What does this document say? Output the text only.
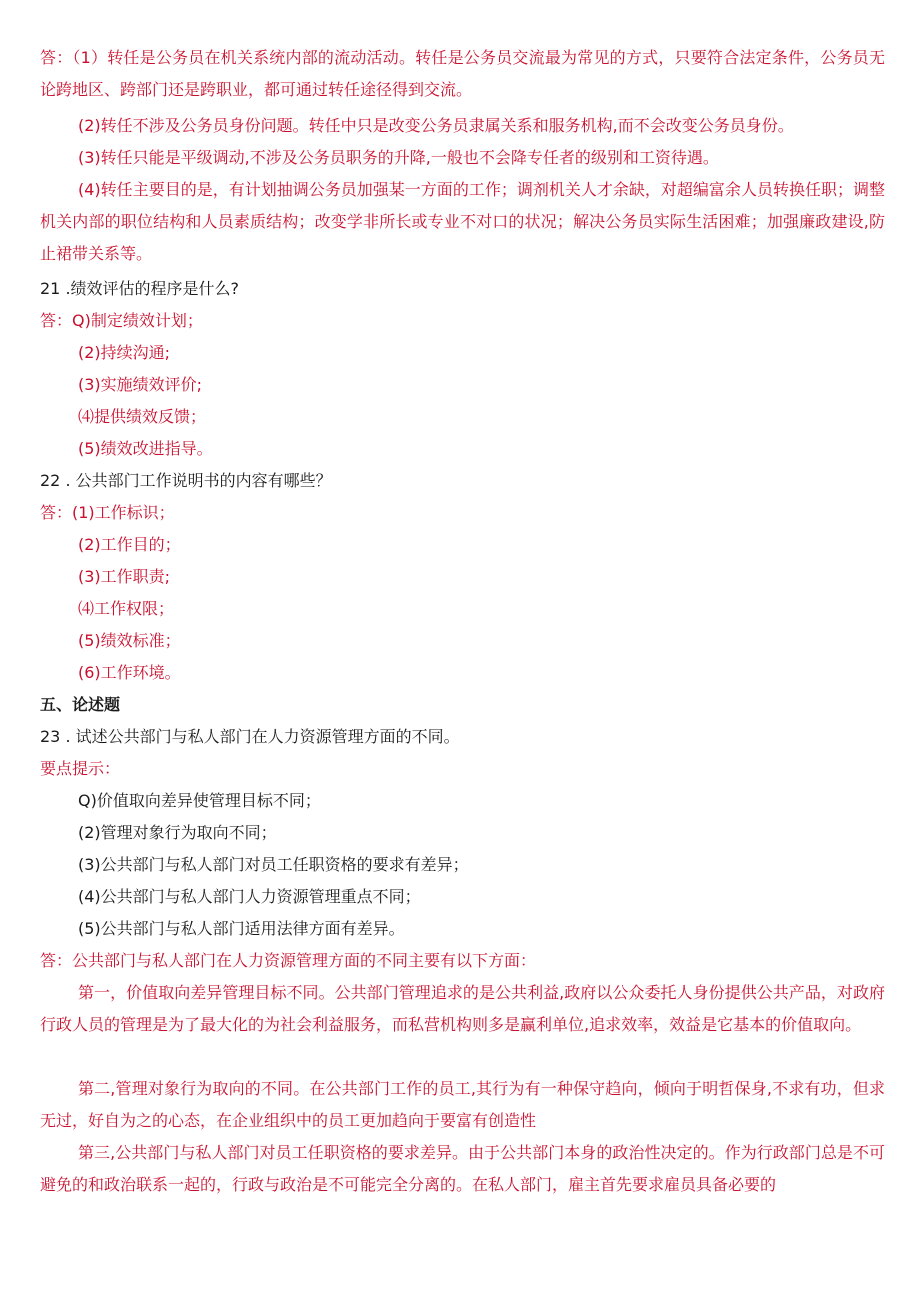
答：（1）转任是公务员在机关系统内部的流动活动。转任是公务员交流最为常见的方式，只要符合法定条件，公务员无论跨地区、跨部门还是跨职业，都可通过转任途径得到交流。

(2)转任不涉及公务员身份问题。转任中只是改变公务员隶属关系和服务机构,而不会改变公务员身份。

(3)转任只能是平级调动,不涉及公务员职务的升降,一般也不会降专任者的级别和工资待遇。

(4)转任主要目的是，有计划抽调公务员加强某一方面的工作；调剂机关人才余缺，对超编富余人员转换任职；调整机关内部的职位结构和人员素质结构；改变学非所长或专业不对口的状况；解决公务员实际生活困难；加强廉政建设,防止裙带关系等。

21 .绩效评估的程序是什么?

答：Q)制定绩效计划；

(2)持续沟通;

(3)实施绩效评价;

⑷提供绩效反馈；

(5)绩效改进指导。

22 . 公共部门工作说明书的内容有哪些？

答：(1)工作标识；

(2)工作目的；

(3)工作职责;

⑷工作权限；

(5)绩效标准；

(6)工作环境。

五、论述题

23 . 试述公共部门与私人部门在人力资源管理方面的不同。

要点提示：

Q)价值取向差异使管理目标不同；

(2)管理对象行为取向不同；

(3)公共部门与私人部门对员工任职资格的要求有差异；

(4)公共部门与私人部门人力资源管理重点不同；

(5)公共部门与私人部门适用法律方面有差异。

答：公共部门与私人部门在人力资源管理方面的不同主要有以下方面：

第一，价值取向差异管理目标不同。公共部门管理追求的是公共利益,政府以公众委托人身份提供公共产品，对政府行政人员的管理是为了最大化的为社会利益服务，而私营机构则多是赢利单位,追求效率，效益是它基本的价值取向。

第二,管理对象行为取向的不同。在公共部门工作的员工,其行为有一种保守趋向，倾向于明哲保身,不求有功，但求无过，好自为之的心态，在企业组织中的员工更加趋向于要富有创造性

第三,公共部门与私人部门对员工任职资格的要求差异。由于公共部门本身的政治性决定的。作为行政部门总是不可避免的和政治联系一起的，行政与政治是不可能完全分离的。在私人部门，雇主首先要求雇员具备必要的
